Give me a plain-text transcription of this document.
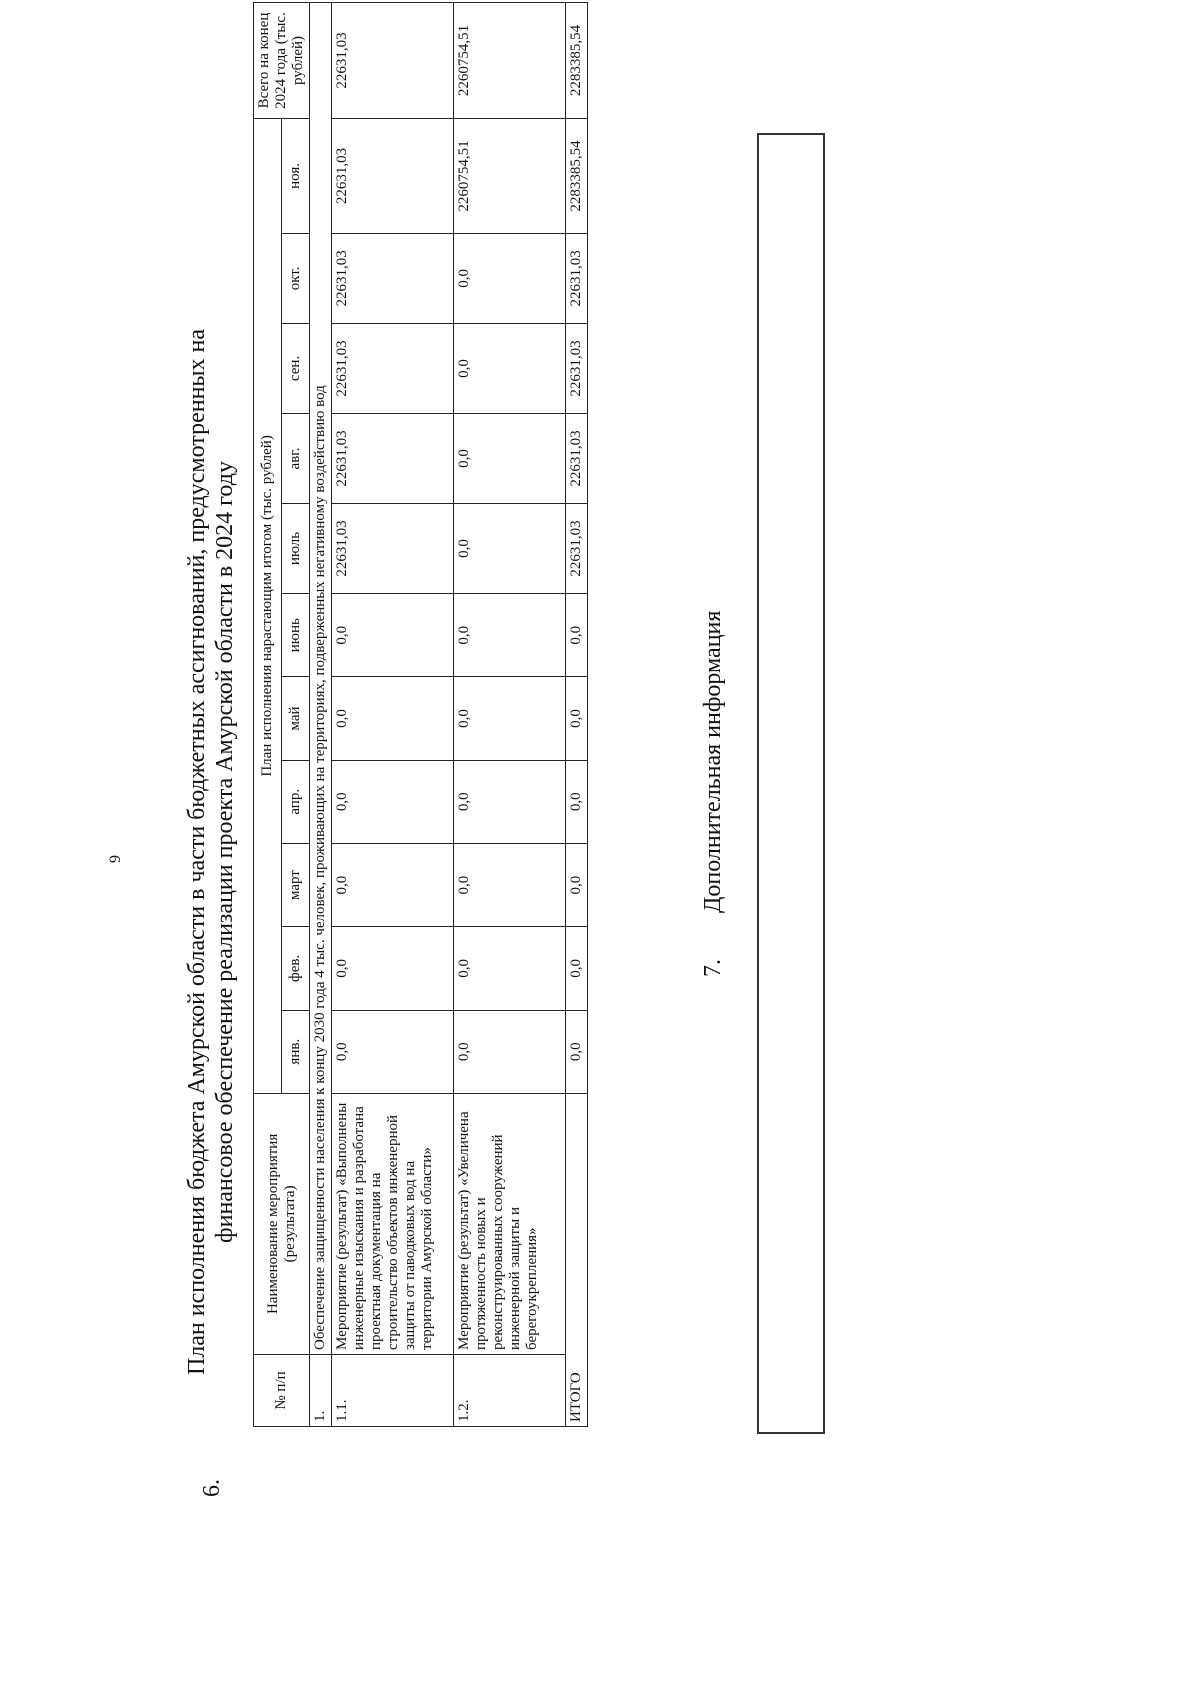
9
6.
План исполнения бюджета Амурской области в части бюджетных ассигнований, предусмотренных на финансовое обеспечение реализации проекта Амурской области в 2024 году
№ п/п	Наименование мероприятия (результата)	План исполнения нарастающим итогом (тыс. рублей)											Всего на конец 2024 года (тыс. рублей)
		янв.	фев.	март	апр.	май	июнь	июль	авг.	сен.	окт.	ноя.	
1.	Обеспечение защищенности населения к концу 2030 года 4 тыс. человек, проживающих на территориях, подверженных негативному воздействию вод												
1.1.	Мероприятие (результат) «Выполнены инженерные изыскания и разработана проектная документация на строительство объектов инженерной защиты от паводковых вод на территории Амурской области»	0,0	0,0	0,0	0,0	0,0	0,0	22631,03	22631,03	22631,03	22631,03	22631,03	22631,03
1.2.	Мероприятие (результат) «Увеличена протяженность новых и реконструированных сооружений инженерной защиты и берегоукрепления»	0,0	0,0	0,0	0,0	0,0	0,0	0,0	0,0	0,0	0,0	2260754,51	2260754,51
ИТОГО		0,0	0,0	0,0	0,0	0,0	0,0	22631,03	22631,03	22631,03	22631,03	2283385,54	2283385,54
7. Дополнительная информация
